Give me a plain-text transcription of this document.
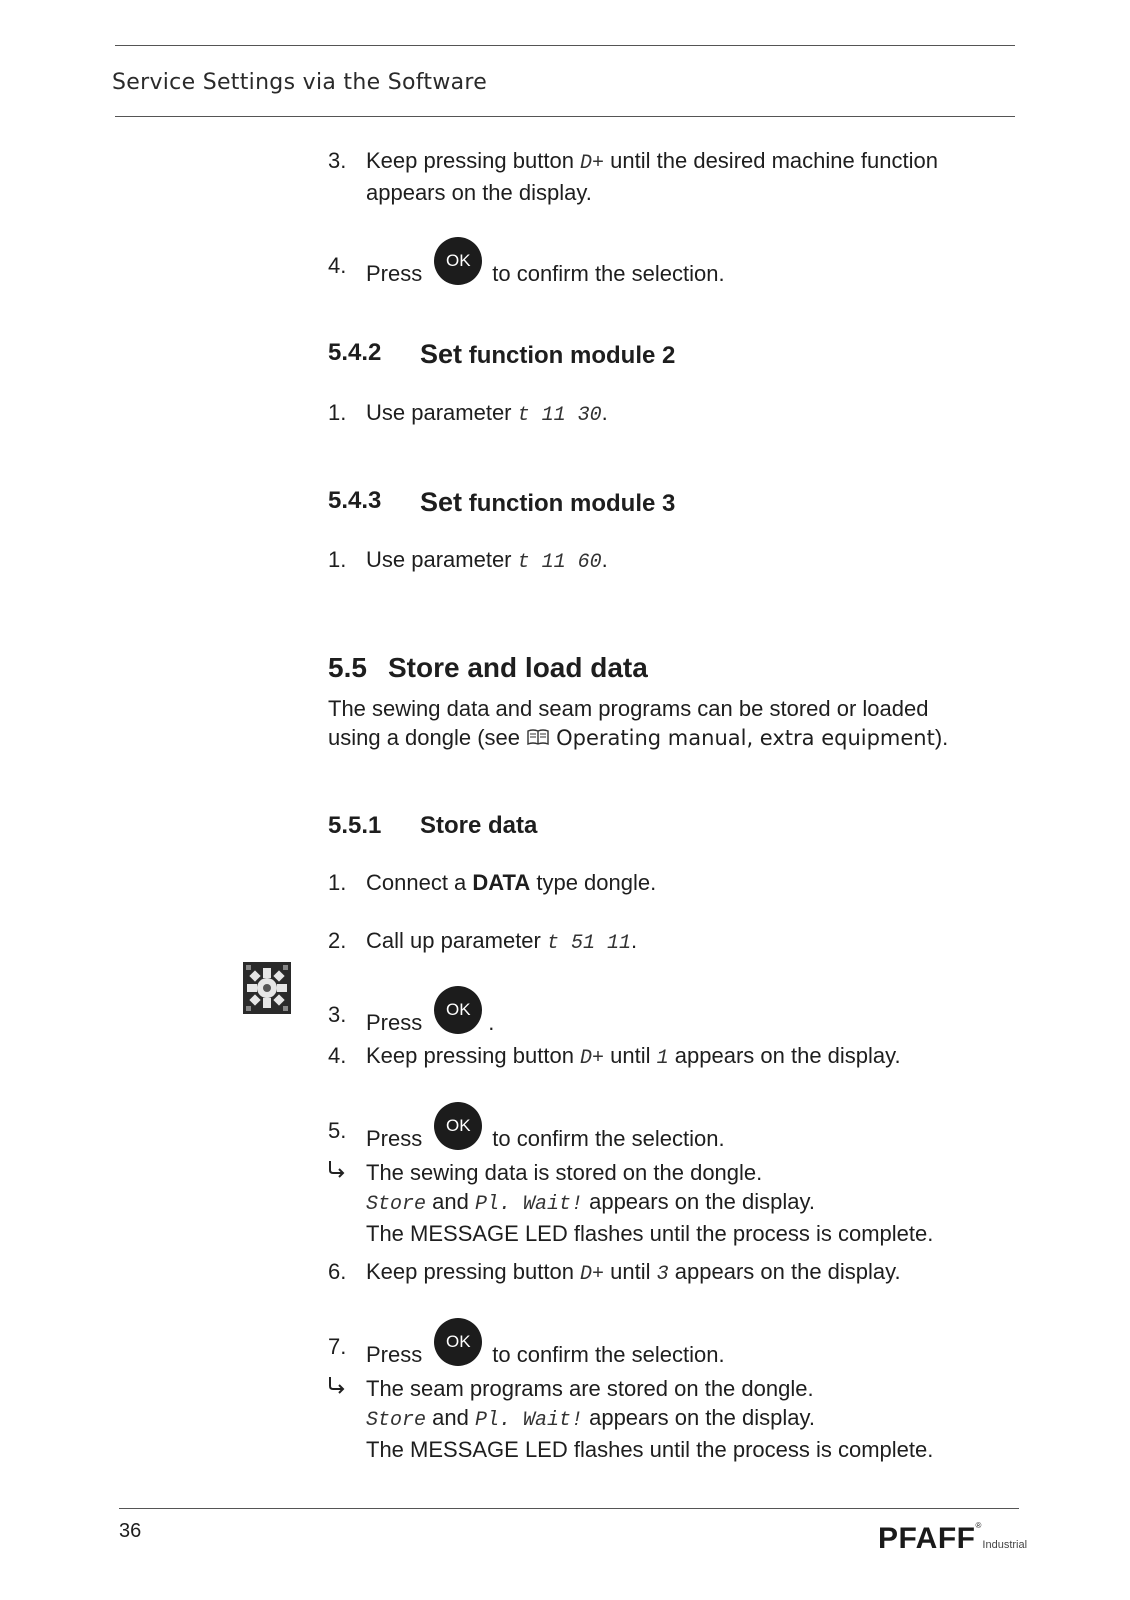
Service Settings via the Software
3. Keep pressing button D+ until the desired machine function
appears on the display.
4. PressOKto confirm the selection.
5.4.2 Set function module 2
1. Use parameter t 11 30.
5.4.3 Set function module 3
1. Use parameter t 11 60.
5.5 Store and load data
The sewing data and seam programs can be stored or loaded
using a dongle (see Operating manual, extra equipment).
5.5.1 Store data
1. Connect a DATA type dongle.
2. Call up parameter t 51 11.
3. PressOK.
4. Keep pressing button D+ until 1 appears on the display.
5. PressOKto confirm the selection.
The sewing data is stored on the dongle.
Store and Pl. Wait! appears on the display.
The MESSAGE LED flashes until the process is complete.
6. Keep pressing button D+ until 3 appears on the display.
7. PressOKto confirm the selection.
The seam programs are stored on the dongle.
Store and Pl. Wait! appears on the display.
The MESSAGE LED flashes until the process is complete.
36	PFAFF®Industrial
